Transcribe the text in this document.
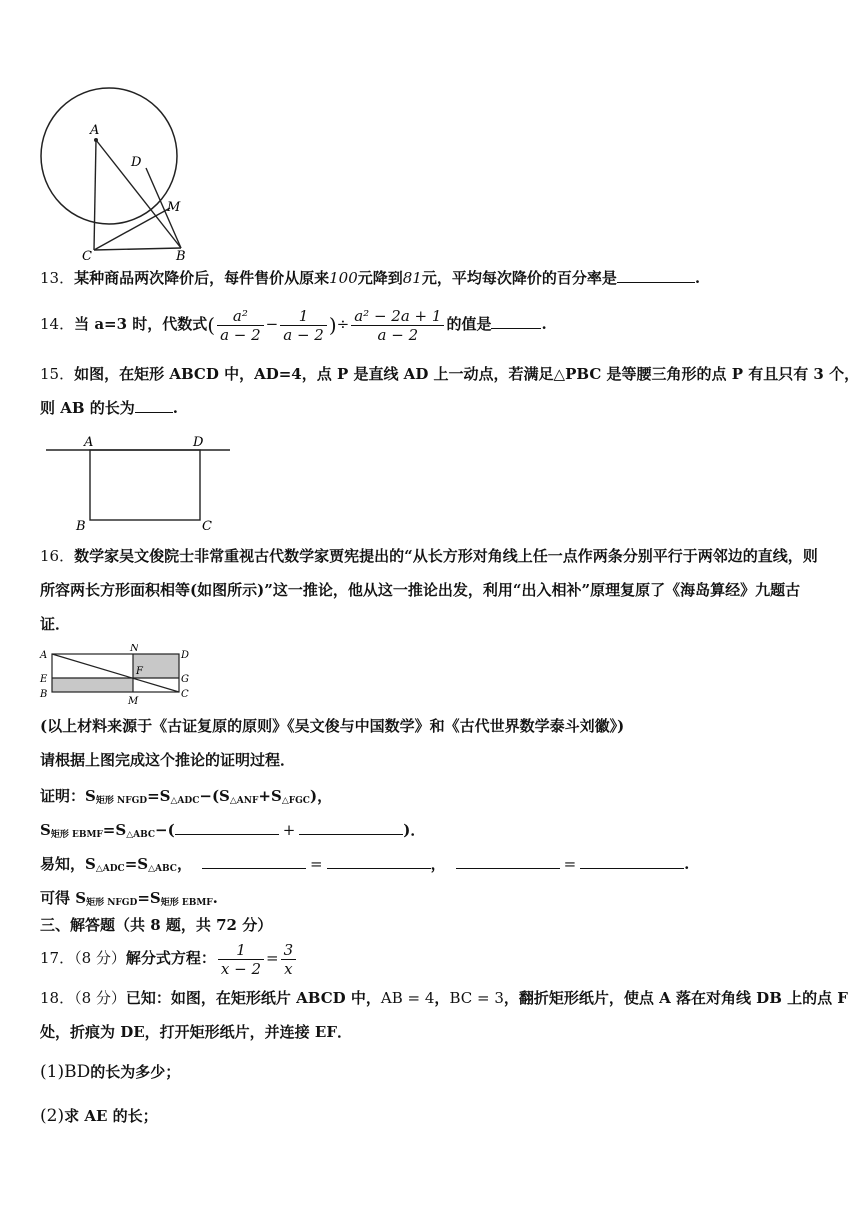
A
D
M
C	B
13．某种商品两次降价后，每件售价从原来100元降到81元，平均每次降价的百分率是	.
14．当 a=3 时，代数式( $\frac{\text{a²}}{a - 2} - \frac{1}{a - 2}$ )÷ $\frac{\text{a² − 2a + 1}}{a - 2}$ 的值是	.
15．如图，在矩形 ABCD 中，AD=4，点 P 是直线 AD 上一动点，若满足△PBC 是等腰三角形的点 P 有且只有 3 个，
则 AB 的长为	.
A	D
B	C
16．数学家吴文俊院士非常重视古代数学家贾宪提出的“从长方形对角线上任一点作两条分别平行于两邻边的直线，则
所容两长方形面积相等(如图所示)”这一推论，他从这一推论出发，利用“出入相补”原理复原了《海岛算经》九题古
证．
A
N
D
F
E	G
B
M
C
(以上材料来源于《古证复原的原则》《吴文俊与中国数学》和《古代世界数学泰斗刘徽》)
请根据上图完成这个推论的证明过程．
证明：$S_{矩形 NFGD}=S_{\triangle ADC}-(S_{\triangle ANF}+S_{\triangle FGC})$，
$S_{矩形 EBMF}=S_{\triangle ABC}-$(	+	)．
易知，$S_{\triangle ADC}=S_{\triangle ABC}$，	=	，	=	.
可得 $S_{矩形 NFGD}=S_{矩形 EBMF}$.
三、解答题（共 8 题，共 72 分）
17．（8 分）解分式方程： $\frac{1}{x - 2} = \frac{3}{x}$
18．（8 分）已知：如图，在矩形纸片 ABCD 中，AB = 4，BC = 3，翻折矩形纸片，使点 A 落在对角线 DB 上的点 F
处，折痕为 DE，打开矩形纸片，并连接 EF．
(1)BD的长为多少；
(2)求 AE 的长；
